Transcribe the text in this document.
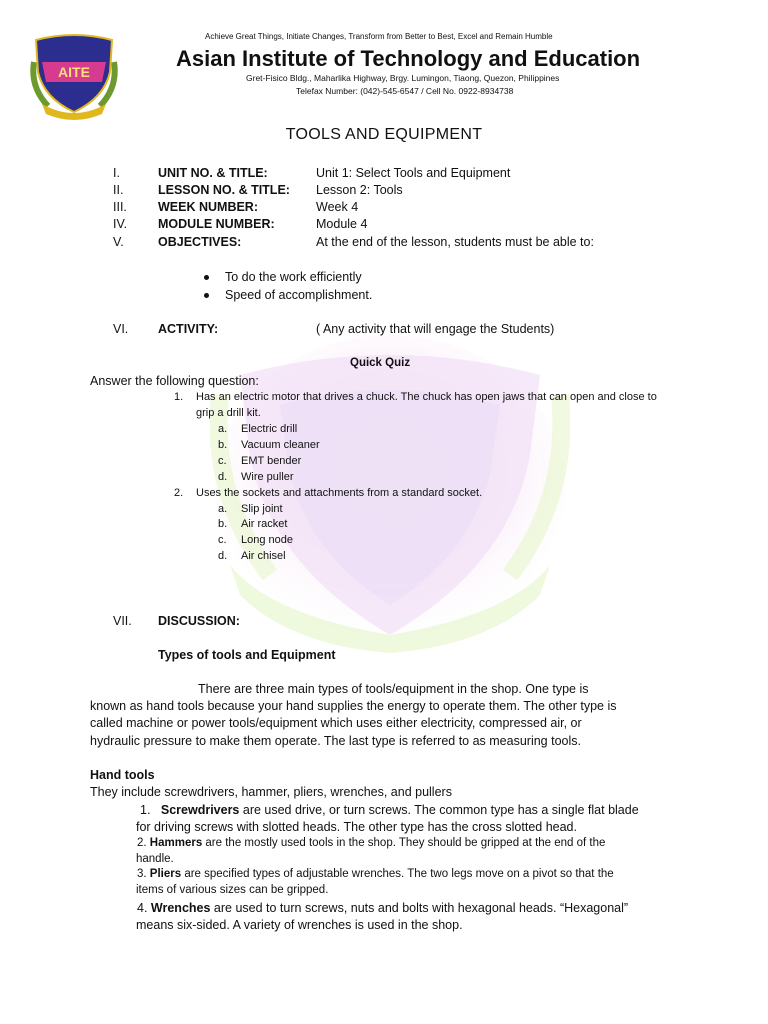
AITE
Achieve Great Things, Initiate Changes, Transform from Better to Best, Excel and Remain Humble
Asian Institute of Technology and Education
Gret-Fisico Bldg., Maharlika Highway, Brgy. Lumingon, Tiaong, Quezon, Philippines
Telefax Number: (042)-545-6547 / Cell No. 0922-8934738
TOOLS AND EQUIPMENT
I.	UNIT NO. & TITLE:	Unit 1: Select Tools and Equipment
II.	LESSON NO. & TITLE: Lesson 2: Tools
III. WEEK NUMBER:	Week 4
IV. MODULE NUMBER:	Module 4
V.	OBJECTIVES:	At the end of the lesson, students must be able to:
To do the work efficiently
Speed of accomplishment.
VI. ACTIVITY:	( Any activity that will engage the Students)
Quick Quiz
Answer the following question:
1. Has an electric motor that drives a chuck. The chuck has open jaws that can open and close to
grip a drill kit.
a. Electric drill
b. Vacuum cleaner
c. EMT bender
d. Wire puller
2. Uses the sockets and attachments from a standard socket.
a. Slip joint
b. Air racket
c. Long node
d. Air chisel
VII. DISCUSSION:
Types of tools and Equipment
There are three main types of tools/equipment in the shop. One type is
known as hand tools because your hand supplies the energy to operate them. The other type is
called machine or power tools/equipment which uses either electricity, compressed air, or
hydraulic pressure to make them operate. The last type is referred to as measuring tools.
Hand tools
They include screwdrivers, hammer, pliers, wrenches, and pullers
1. Screwdrivers are used drive, or turn screws. The common type has a single flat blade
for driving screws with slotted heads. The other type has the cross slotted head.
2. Hammers are the mostly used tools in the shop. They should be gripped at the end of the
handle.
3. Pliers are specified types of adjustable wrenches. The two legs move on a pivot so that the
items of various sizes can be gripped.
4. Wrenches are used to turn screws, nuts and bolts with hexagonal heads. “Hexagonal”
means six-sided. A variety of wrenches is used in the shop.
